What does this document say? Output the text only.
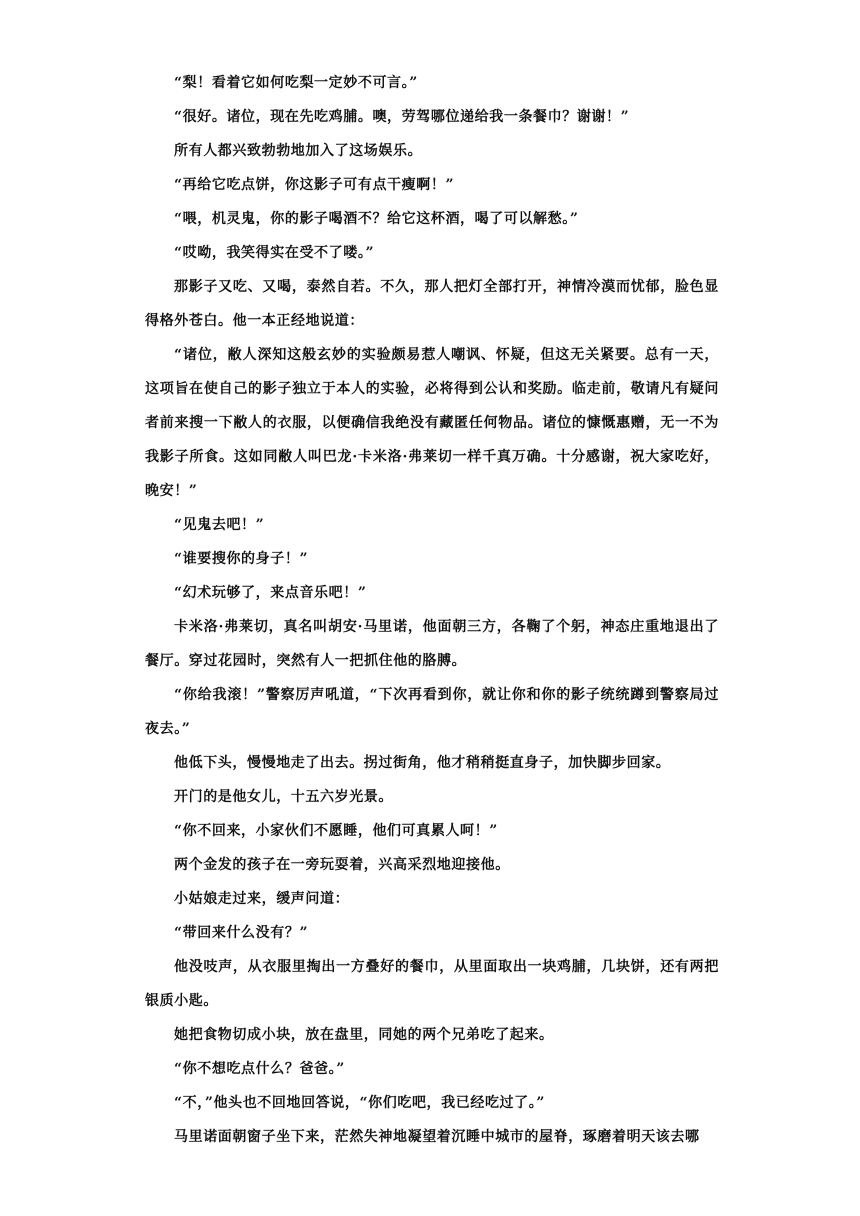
“梨！看着它如何吃梨一定妙不可言。”

“很好。诸位，现在先吃鸡脯。噢，劳驾哪位递给我一条餐巾？谢谢！”

所有人都兴致勃勃地加入了这场娱乐。

“再给它吃点饼，你这影子可有点干瘦啊！”

“喂，机灵鬼，你的影子喝酒不？给它这杯酒，喝了可以解愁。”

“哎呦，我笑得实在受不了喽。”

那影子又吃、又喝，泰然自若。不久，那人把灯全部打开，神情冷漠而忧郁，脸色显得格外苍白。他一本正经地说道：

“诸位，敝人深知这般玄妙的实验颇易惹人嘲讽、怀疑，但这无关紧要。总有一天，这项旨在使自己的影子独立于本人的实验，必将得到公认和奖励。临走前，敬请凡有疑问者前来搜一下敝人的衣服，以便确信我绝没有藏匿任何物品。诸位的慷慨惠赠，无一不为我影子所食。这如同敝人叫巴龙·卡米洛·弗莱切一样千真万确。十分感谢，祝大家吃好，晚安！”

“见鬼去吧！”

“谁要搜你的身子！”

“幻术玩够了，来点音乐吧！”

卡米洛·弗莱切，真名叫胡安·马里诺，他面朝三方，各鞠了个躬，神态庄重地退出了餐厅。穿过花园时，突然有人一把抓住他的胳膊。

“你给我滚！”警察厉声吼道，“下次再看到你，就让你和你的影子统统蹲到警察局过夜去。”

他低下头，慢慢地走了出去。拐过街角，他才稍稍挺直身子，加快脚步回家。

开门的是他女儿，十五六岁光景。

“你不回来，小家伙们不愿睡，他们可真累人呵！”

两个金发的孩子在一旁玩耍着，兴高采烈地迎接他。

小姑娘走过来，缓声问道：

“带回来什么没有？”

他没吱声，从衣服里掏出一方叠好的餐巾，从里面取出一块鸡脯，几块饼，还有两把银质小匙。

她把食物切成小块，放在盘里，同她的两个兄弟吃了起来。

“你不想吃点什么？爸爸。”

“不，”他头也不回地回答说，“你们吃吧，我已经吃过了。”

马里诺面朝窗子坐下来，茫然失神地凝望着沉睡中城市的屋脊，琢磨着明天该去哪
